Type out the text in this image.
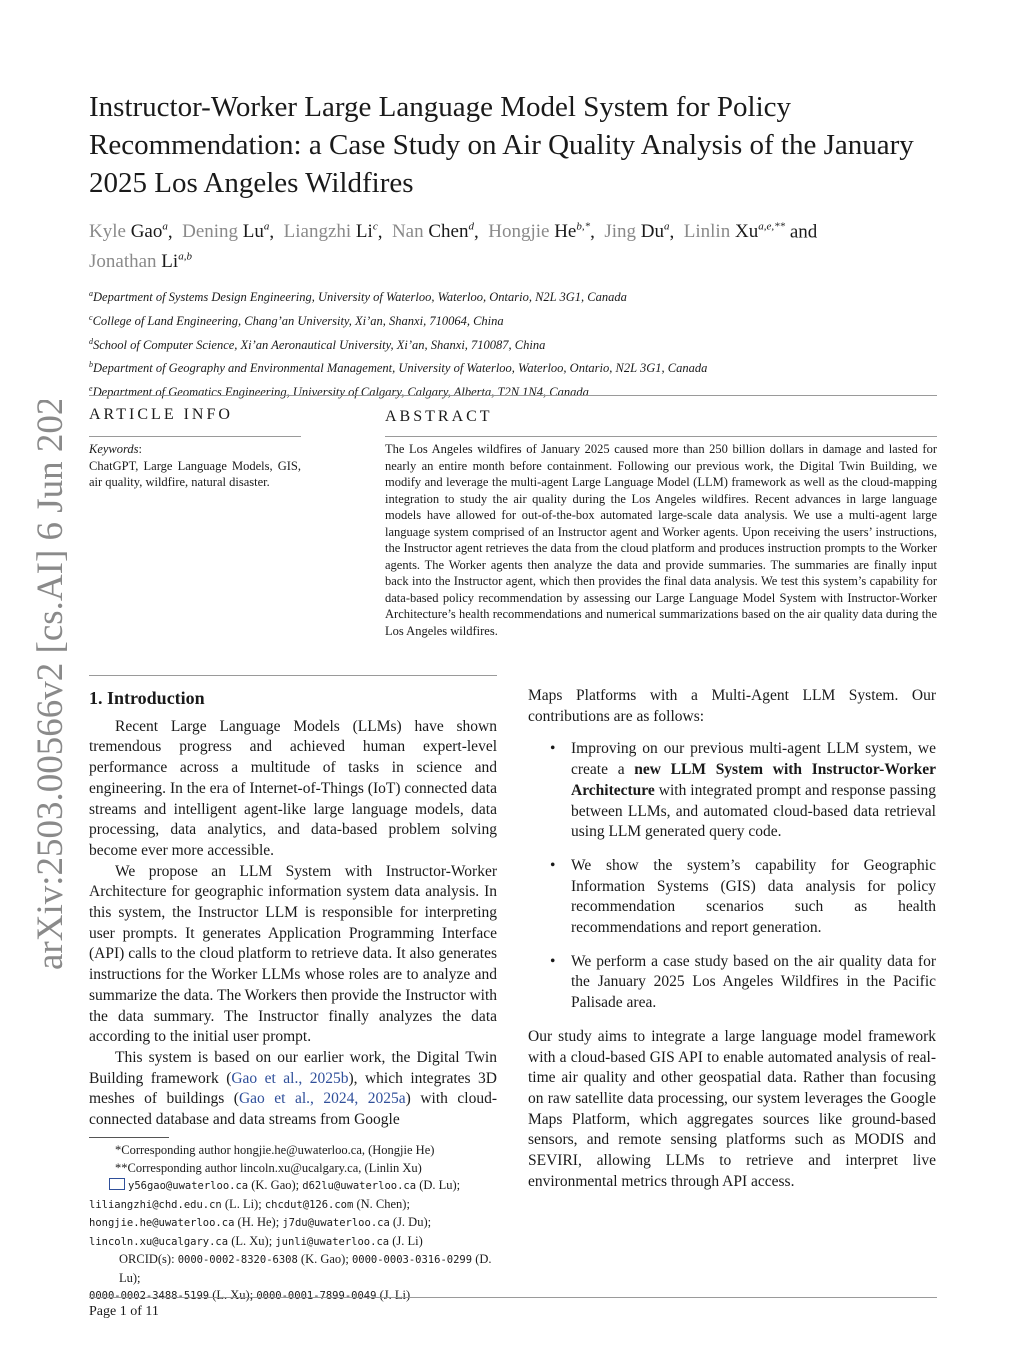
arXiv:2503.00566v2 [cs.AI] 6 Jun 2025
Instructor-Worker Large Language Model System for Policy Recommendation: a Case Study on Air Quality Analysis of the January 2025 Los Angeles Wildfires
Kyle Gao$^a$,  Dening Lu$^a$,  Liangzhi Li$^c$,  Nan Chen$^d$,  Hongjie $He^{b,*}$,  Jing Du$^a$,  Linlin $Xu^{a,e,**}$ and
Jonathan Li$^{a,b}$
$^a$Department of Systems Design Engineering, University of Waterloo, Waterloo, Ontario, N2L 3G1, Canada
$^c$College of Land Engineering, Chang’an University, Xi’an, Shanxi, 710064, China
$^d$School of Computer Science, Xi’an Aeronautical University, Xi’an, Shanxi, 710087, China
$^b$Department of Geography and Environmental Management, University of Waterloo, Waterloo, Ontario, N2L 3G1, Canada
$^e$Department of Geomatics Engineering, University of Calgary, Calgary, Alberta, T2N 1N4, Canada
ARTICLE INFO
Keywords:
ChatGPT, Large Language Models, GIS, air quality, wildfire, natural disaster.
ABSTRACT
The Los Angeles wildfires of January 2025 caused more than 250 billion dollars in damage and lasted for nearly an entire month before containment. Following our previous work, the Digital Twin Building, we modify and leverage the multi-agent Large Language Model (LLM) framework as well as the cloud-mapping integration to study the air quality during the Los Angeles wildfires. Recent advances in large language models have allowed for out-of-the-box automated large-scale data analysis. We use a multi-agent large language system comprised of an Instructor agent and Worker agents. Upon receiving the users’ instructions, the Instructor agent retrieves the data from the cloud platform and produces instruction prompts to the Worker agents. The Worker agents then analyze the data and provide summaries. The summaries are finally input back into the Instructor agent, which then provides the final data analysis. We test this system’s capability for data-based policy recommendation by assessing our Large Language Model System with Instructor-Worker Architecture’s health recommendations and numerical summarizations based on the air quality data during the Los Angeles wildfires.

1. Introduction

Recent Large Language Models (LLMs) have shown tremendous progress and achieved human expert-level performance across a multitude of tasks in science and engineering. In the era of Internet-of-Things (IoT) connected data streams and intelligent agent-like large language models, data processing, data analytics, and data-based problem solving become ever more accessible.

We propose an LLM System with Instructor-Worker Architecture for geographic information system data analysis. In this system, the Instructor LLM is responsible for interpreting user prompts. It generates Application Programming Interface (API) calls to the cloud platform to retrieve data. It also generates instructions for the Worker LLMs whose roles are to analyze and summarize the data. The Workers then provide the Instructor with the data summary. The Instructor finally analyzes the data according to the initial user prompt.

This system is based on our earlier work, the Digital Twin Building framework (Gao et al., 2025b), which integrates 3D meshes of buildings (Gao et al., 2024, 2025a) with cloud-connected database and data streams from Google

*Corresponding author hongjie.he@uwaterloo.ca, (Hongjie He)

**Corresponding author lincoln.xu@ucalgary.ca, (Linlin Xu)

y56gao@uwaterloo.ca (K. Gao); d62lu@uwaterloo.ca (D. Lu);

liliangzhi@chd.edu.cn (L. Li); chcdut@126.com (N. Chen);

hongjie.he@uwaterloo.ca (H. He); j7du@uwaterloo.ca (J. Du);

lincoln.xu@ucalgary.ca (L. Xu); junli@uwaterloo.ca (J. Li)

ORCID(s): 0000-0002-8320-6308 (K. Gao); 0000-0003-0316-0299 (D. Lu);

0000-0002-3488-5199 (L. Xu); 0000-0001-7899-0049 (J. Li)

Maps Platforms with a Multi-Agent LLM System. Our contributions are as follows:

• Improving on our previous multi-agent LLM system, we create a new LLM System with Instructor-Worker Architecture with integrated prompt and response passing between LLMs, and automated cloud-based data retrieval using LLM generated query code.
• We show the system’s capability for Geographic Information Systems (GIS) data analysis for policy recommendation scenarios such as health recommendations and report generation.
• We perform a case study based on the air quality data for the January 2025 Los Angeles Wildfires in the Pacific Palisade area.

Our study aims to integrate a large language model framework with a cloud-based GIS API to enable automated analysis of real-time air quality and other geospatial data. Rather than focusing on raw satellite data processing, our system leverages the Google Maps Platform, which aggregates sources like ground-based sensors, and remote sensing platforms such as MODIS and SEVIRI, allowing LLMs to retrieve and interpret live environmental metrics through API access.

Page 1 of 11
